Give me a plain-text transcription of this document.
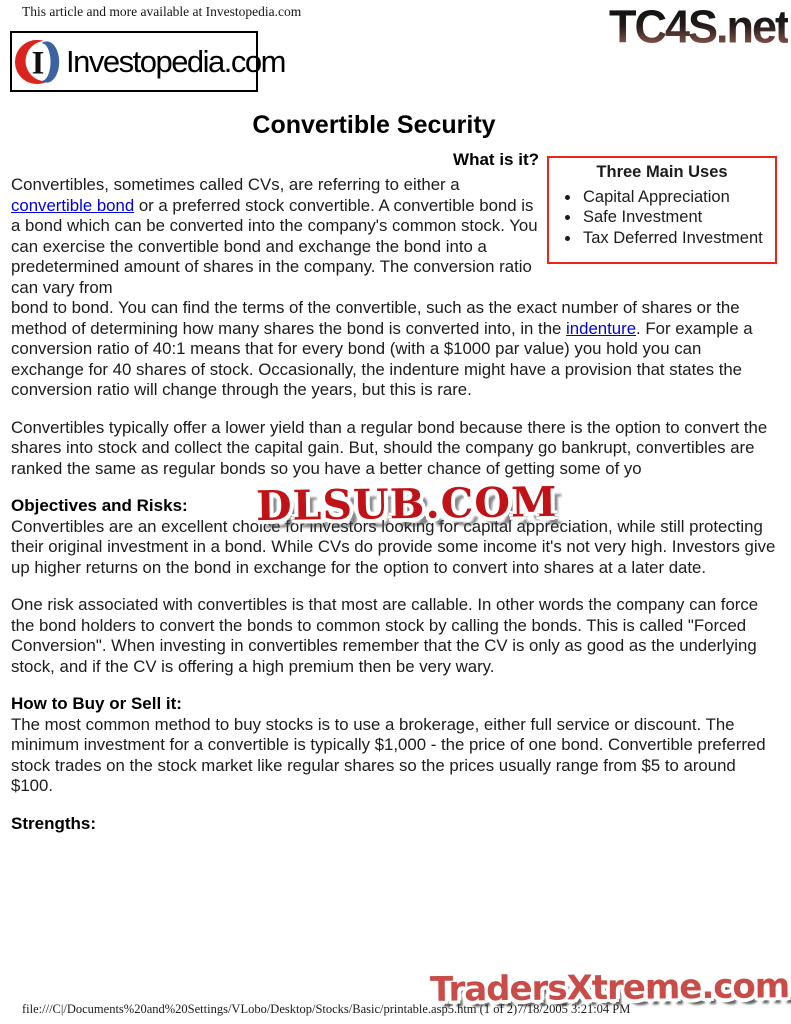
This article and more available at Investopedia.com
I Investopedia.com
TC4S.net
Convertible Security
Three Main Uses
• Capital Appreciation
• Safe Investment
• Tax Deferred Investment
What is it?

Convertibles, sometimes called CVs, are referring to either a convertible bond or a preferred stock convertible. A convertible bond is a bond which can be converted into the company's common stock. You can exercise the convertible bond and exchange the bond into a predetermined amount of shares in the company. The conversion ratio can vary from

bond to bond. You can find the terms of the convertible, such as the exact number of shares or the method of determining how many shares the bond is converted into, in the indenture. For example a conversion ratio of 40:1 means that for every bond (with a $1000 par value) you hold you can exchange for 40 shares of stock. Occasionally, the indenture might have a provision that states the conversion ratio will change through the years, but this is rare.

Convertibles typically offer a lower yield than a regular bond because there is the option to convert the shares into stock and collect the capital gain. But, should the company go bankrupt, convertibles are ranked the same as regular bonds so you have a better chance of getting some of yo

Objectives and Risks:

Convertibles are an excellent choice for investors looking for capital appreciation, while still protecting their original investment in a bond. While CVs do provide some income it's not very high. Investors give up higher returns on the bond in exchange for the option to convert into shares at a later date.

One risk associated with convertibles is that most are callable. In other words the company can force the bond holders to convert the bonds to common stock by calling the bonds. This is called "Forced Conversion". When investing in convertibles remember that the CV is only as good as the underlying stock, and if the CV is offering a high premium then be very wary.

How to Buy or Sell it:

The most common method to buy stocks is to use a brokerage, either full service or discount. The minimum investment for a convertible is typically $1,000 - the price of one bond. Convertible preferred stock trades on the stock market like regular shares so the prices usually range from $5 to around $100.

Strengths:
DLSUB.COM
TradersXtreme.com
file:///C|/Documents%20and%20Settings/VLobo/Desktop/Stocks/Basic/printable.asp5.htm (1 of 2)7/18/2005 3:21:04 PM
